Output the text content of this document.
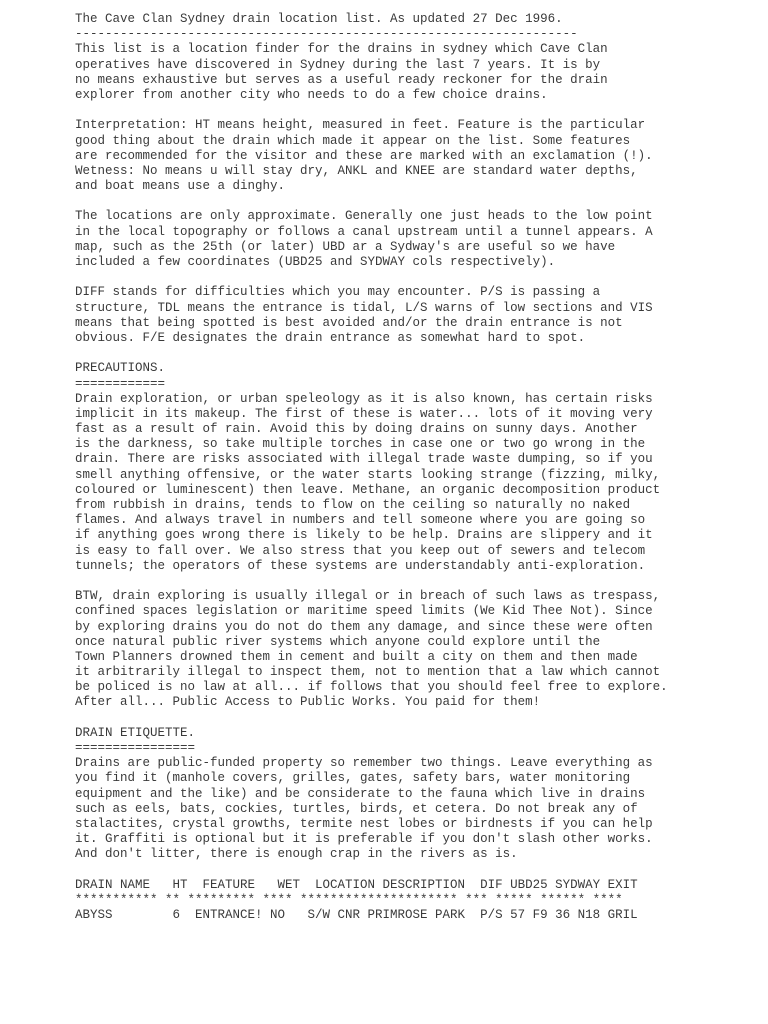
The Cave Clan Sydney drain location list. As updated 27 Dec 1996.
-------------------------------------------------------------------
This list is a location finder for the drains in sydney which Cave Clan
operatives have discovered in Sydney during the last 7 years. It is by
no means exhaustive but serves as a useful ready reckoner for the drain
explorer from another city who needs to do a few choice drains.
Interpretation: HT means height, measured in feet. Feature is the particular
good thing about the drain which made it appear on the list. Some features
are recommended for the visitor and these are marked with an exclamation (!).
Wetness: No means u will stay dry, ANKL and KNEE are standard water depths,
and boat means use a dinghy.
The locations are only approximate. Generally one just heads to the low point
in the local topography or follows a canal upstream until a tunnel appears. A
map, such as the 25th (or later) UBD ar a Sydway's are useful so we have
included a few coordinates (UBD25 and SYDWAY cols respectively).
DIFF stands for difficulties which you may encounter. P/S is passing a
structure, TDL means the entrance is tidal, L/S warns of low sections and VIS
means that being spotted is best avoided and/or the drain entrance is not
obvious. F/E designates the drain entrance as somewhat hard to spot.
PRECAUTIONS.
============
Drain exploration, or urban speleology as it is also known, has certain risks
implicit in its makeup. The first of these is water... lots of it moving very
fast as a result of rain. Avoid this by doing drains on sunny days. Another
is the darkness, so take multiple torches in case one or two go wrong in the
drain. There are risks associated with illegal trade waste dumping, so if you
smell anything offensive, or the water starts looking strange (fizzing, milky,
coloured or luminescent) then leave. Methane, an organic decomposition product
from rubbish in drains, tends to flow on the ceiling so naturally no naked
flames. And always travel in numbers and tell someone where you are going so
if anything goes wrong there is likely to be help. Drains are slippery and it
is easy to fall over. We also stress that you keep out of sewers and telecom
tunnels; the operators of these systems are understandably anti-exploration.
BTW, drain exploring is usually illegal or in breach of such laws as trespass,
confined spaces legislation or maritime speed limits (We Kid Thee Not). Since
by exploring drains you do not do them any damage, and since these were often
once natural public river systems which anyone could explore until the
Town Planners drowned them in cement and built a city on them and then made
it arbitrarily illegal to inspect them, not to mention that a law which cannot
be policed is no law at all... if follows that you should feel free to explore.
After all... Public Access to Public Works. You paid for them!
DRAIN ETIQUETTE.
================
Drains are public-funded property so remember two things. Leave everything as
you find it (manhole covers, grilles, gates, safety bars, water monitoring
equipment and the like) and be considerate to the fauna which live in drains
such as eels, bats, cockies, turtles, birds, et cetera. Do not break any of
stalactites, crystal growths, termite nest lobes or birdnests if you can help
it. Graffiti is optional but it is preferable if you don't slash other works.
And don't litter, there is enough crap in the rivers as is.
DRAIN NAME   HT  FEATURE   WET  LOCATION DESCRIPTION  DIF UBD25 SYDWAY EXIT
*********** ** ********* **** ********************* *** ***** ****** ****
ABYSS        6  ENTRANCE! NO   S/W CNR PRIMROSE PARK  P/S 57 F9 36 N18 GRIL
